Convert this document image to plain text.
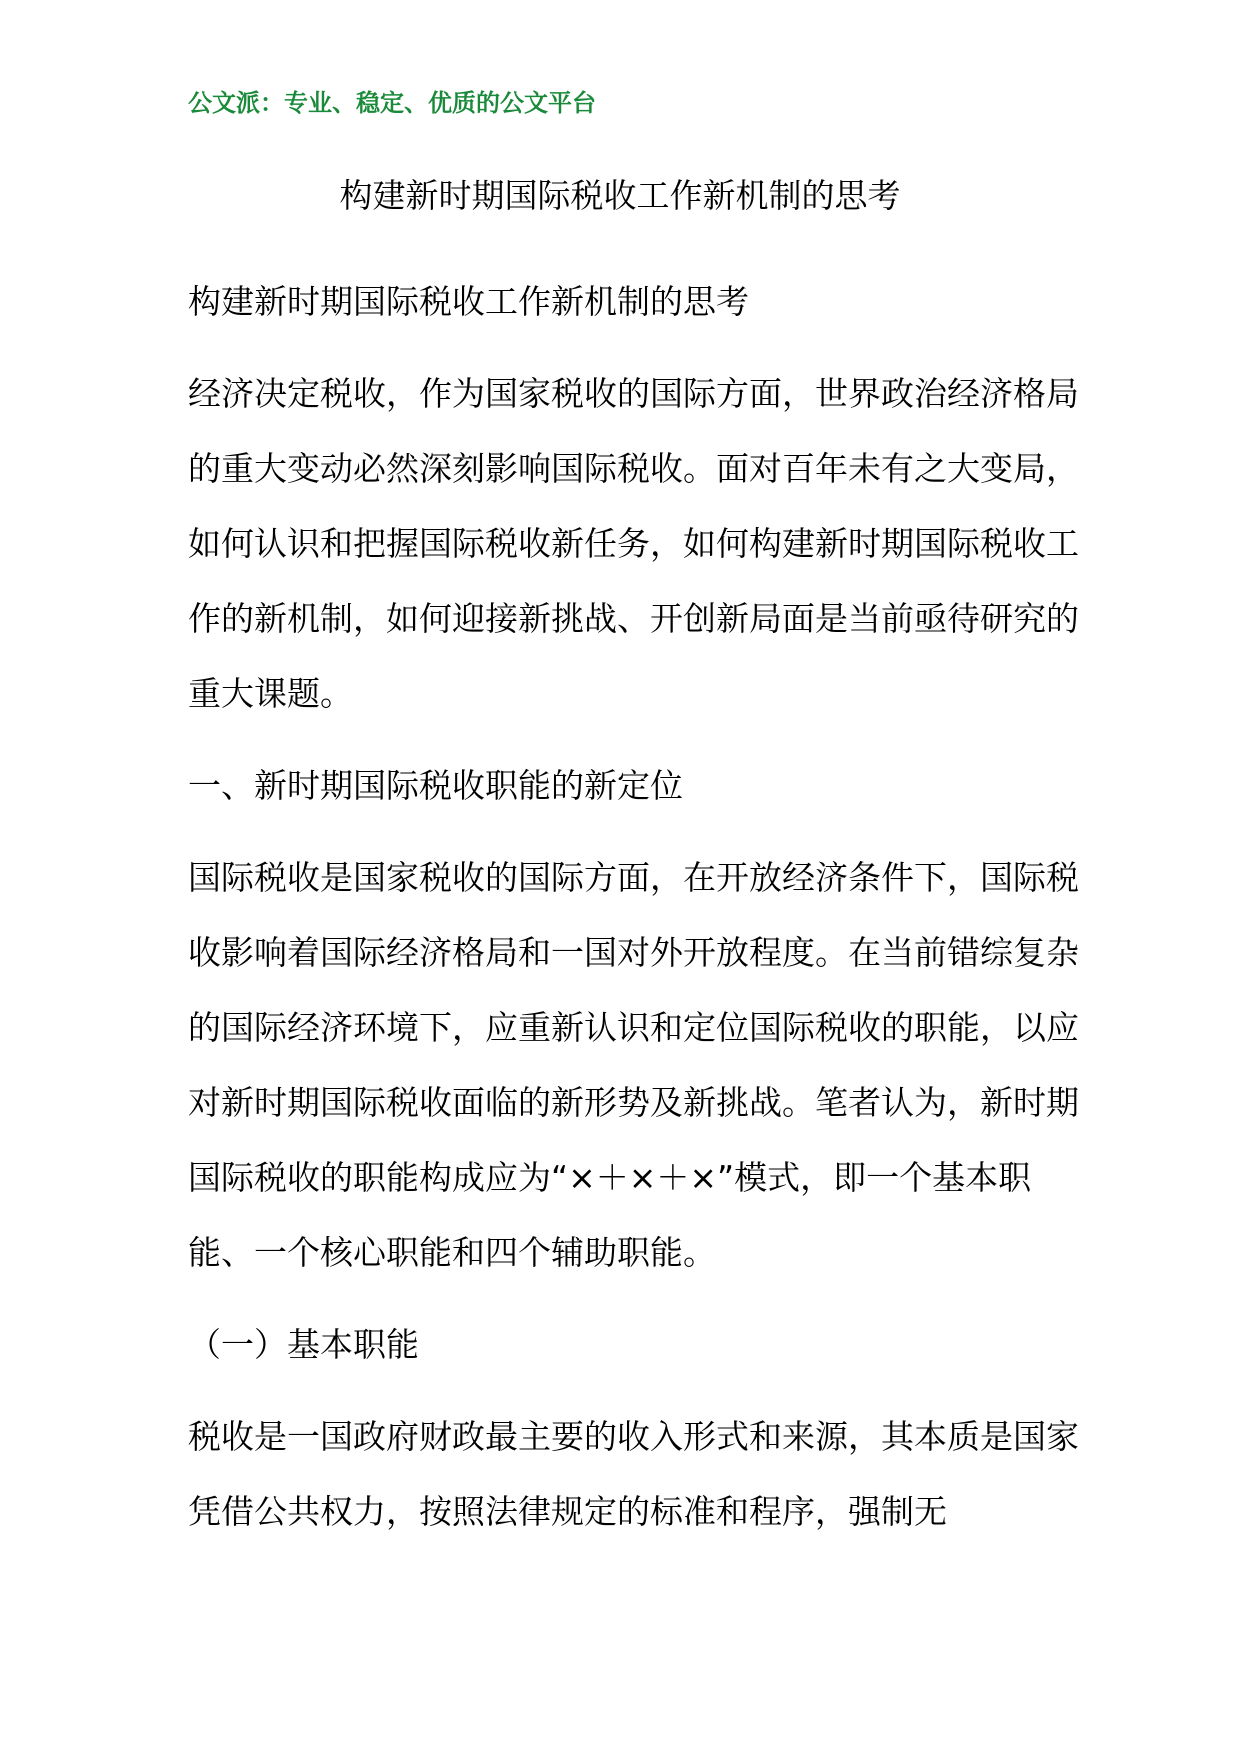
公文派：专业、稳定、优质的公文平台
构建新时期国际税收工作新机制的思考

构建新时期国际税收工作新机制的思考

经济决定税收，作为国家税收的国际方面，世界政治经济格局的重大变动必然深刻影响国际税收。面对百年未有之大变局，如何认识和把握国际税收新任务，如何构建新时期国际税收工作的新机制，如何迎接新挑战、开创新局面是当前亟待研究的重大课题。

一、新时期国际税收职能的新定位

国际税收是国家税收的国际方面，在开放经济条件下，国际税收影响着国际经济格局和一国对外开放程度。在当前错综复杂的国际经济环境下，应重新认识和定位国际税收的职能，以应对新时期国际税收面临的新形势及新挑战。笔者认为，新时期国际税收的职能构成应为“×＋×＋×”模式，即一个基本职能、一个核心职能和四个辅助职能。

（一）基本职能

税收是一国政府财政最主要的收入形式和来源，其本质是国家凭借公共权力，按照法律规定的标准和程序，强制无
